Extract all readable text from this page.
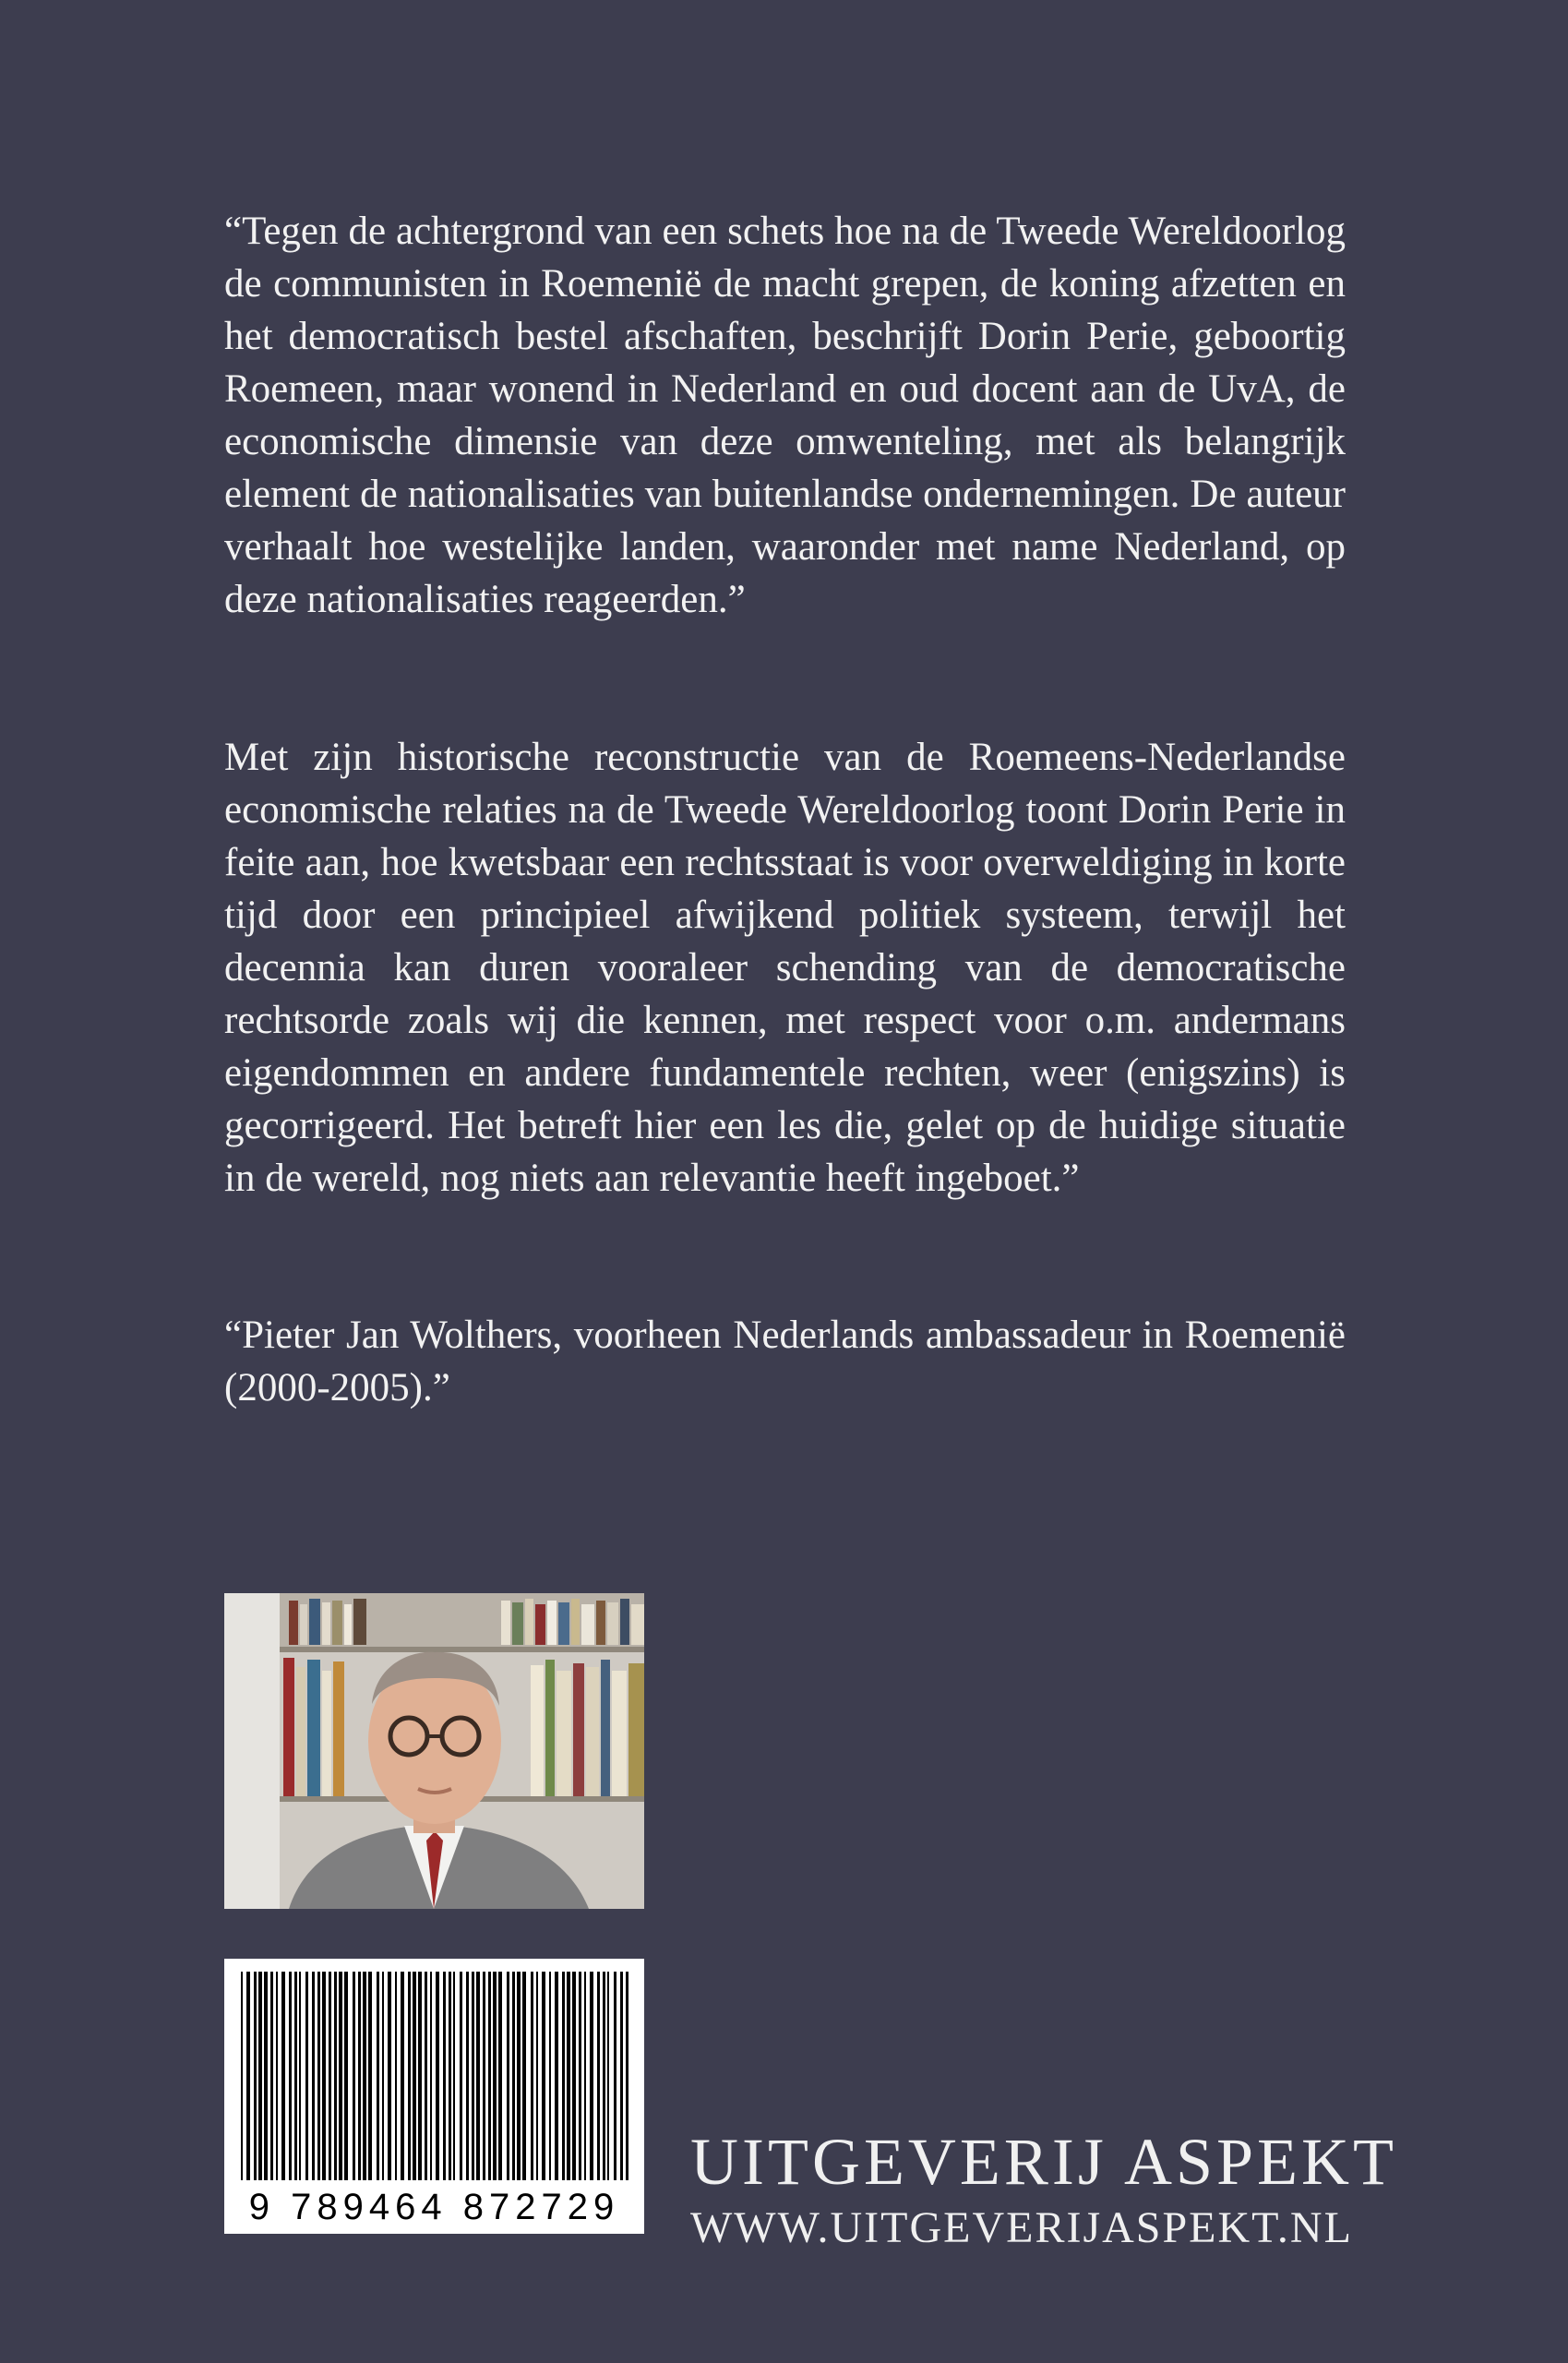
“Tegen de achtergrond van een schets hoe na de Tweede Wereldoorlog de communisten in Roemenië de macht grepen, de koning afzetten en het democratisch bestel afschaften, beschrijft Dorin Perie, geboortig Roemeen, maar wonend in Nederland en oud docent aan de UvA, de economische dimensie van deze omwenteling, met als belangrijk element de nationalisaties van buitenlandse ondernemingen. De auteur verhaalt hoe westelijke landen, waaronder met name Nederland, op deze nationalisaties reageerden.”

Met zijn historische reconstructie van de Roemeens-Nederlandse economische relaties na de Tweede Wereldoorlog toont Dorin Perie in feite aan, hoe kwetsbaar een rechtsstaat is voor overweldiging in korte tijd door een principieel afwijkend politiek systeem, terwijl het decennia kan duren vooraleer schending van de democratische rechtsorde zoals wij die kennen, met respect voor o.m. andermans eigendommen en andere fundamentele rechten, weer (enigszins) is gecorrigeerd. Het betreft hier een les die, gelet op de huidige situatie in de wereld, nog niets aan relevantie heeft ingeboet.”

“Pieter Jan Wolthers, voorheen Nederlands ambassadeur in Roemenië (2000-2005).”

9 789464 872729
UITGEVERIJ ASPEKT
WWW.UITGEVERIJASPEKT.NL
